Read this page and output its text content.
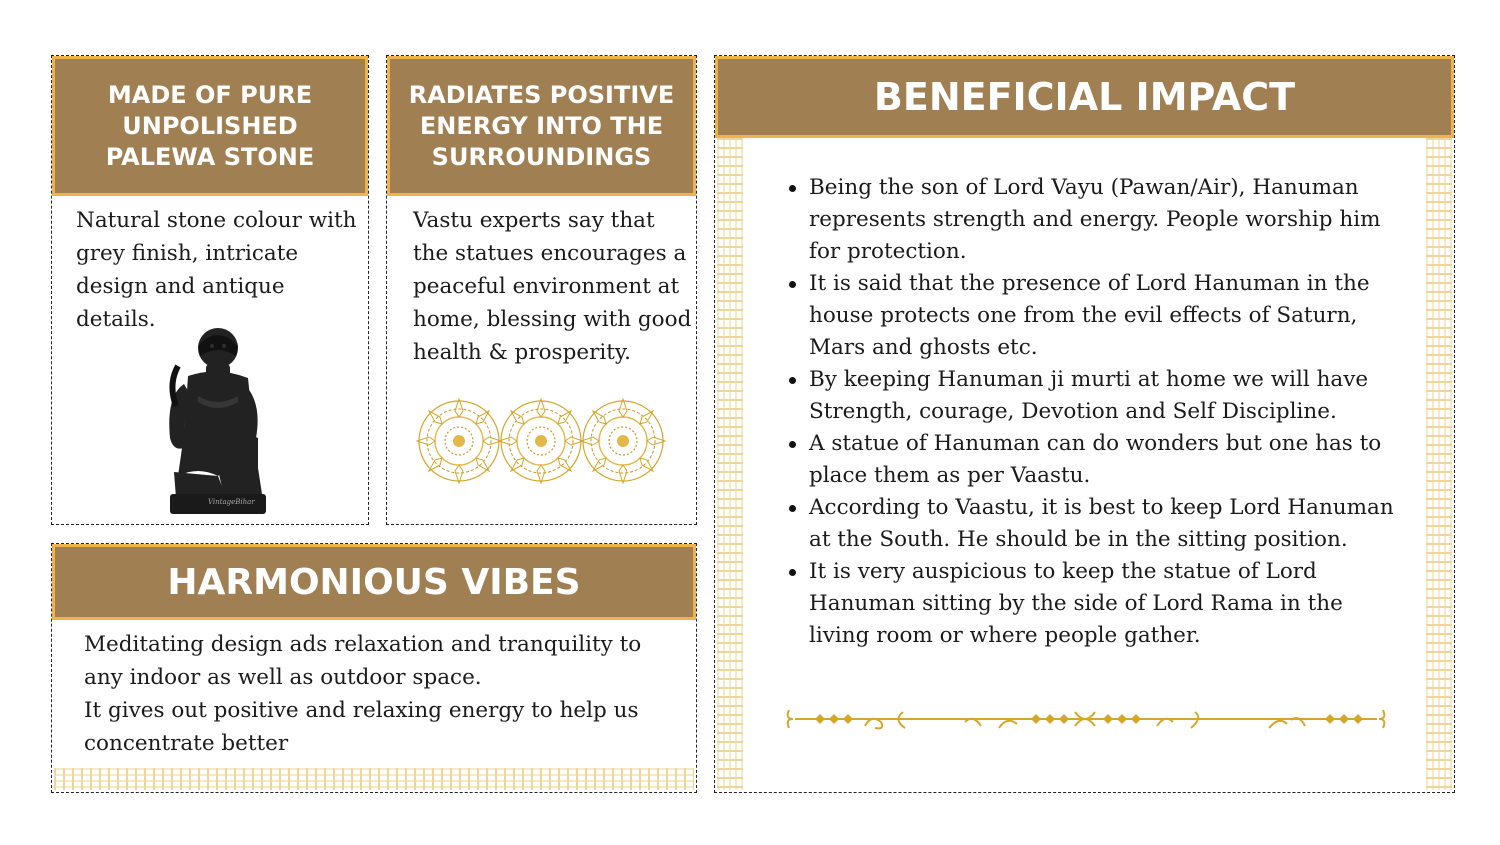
MADE OF PURE UNPOLISHED PALEWA STONE

Natural stone colour with grey finish, intricate design and antique details.

VintageBihar
RADIATES POSITIVE ENERGY INTO THE SURROUNDINGS

Vastu experts say that the statues encourages a peaceful environment at home, blessing with good health & prosperity.

HARMONIOUS VIBES

Meditating design ads relaxation and tranquility to any indoor as well as outdoor space.

It gives out positive and relaxing energy to help us concentrate better

BENEFICIAL IMPACT
Being the son of Lord Vayu (Pawan/Air), Hanuman represents strength and energy. People worship him for protection.
It is said that the presence of Lord Hanuman in the house protects one from the evil effects of Saturn, Mars and ghosts etc.
By keeping Hanuman ji murti at home we will have Strength, courage, Devotion and Self Discipline.
A statue of Hanuman can do wonders but one has to place them as per Vaastu.
According to Vaastu, it is best to keep Lord Hanuman at the South. He should be in the sitting position.
It is very auspicious to keep the statue of Lord Hanuman sitting by the side of Lord Rama in the living room or where people gather.
